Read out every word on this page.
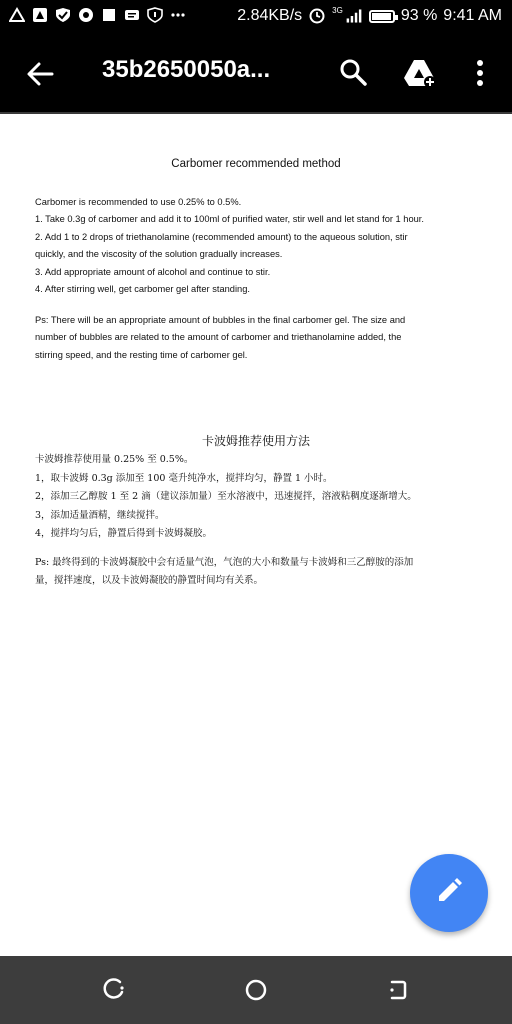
2.84KB/s	3G	93 % 9:41 AM
35b2650050a...
Carbomer recommended method

Carbomer is recommended to use 0.25% to 0.5%.

1. Take 0.3g of carbomer and add it to 100ml of purified water, stir well and let stand for 1 hour.

2. Add 1 to 2 drops of triethanolamine (recommended amount) to the aqueous solution, stir

quickly, and the viscosity of the solution gradually increases.

3. Add appropriate amount of alcohol and continue to stir.

4. After stirring well, get carbomer gel after standing.

Ps: There will be an appropriate amount of bubbles in the final carbomer gel. The size and
number of bubbles are related to the amount of carbomer and triethanolamine added, the
stirring speed, and the resting time of carbomer gel.
卡波姆推荐使用方法

卡波姆推荐使用量 0.25% 至 0.5%。

1，取卡波姆 0.3g 添加至 100 毫升纯净水，搅拌均匀，静置 1 小时。

2，添加三乙醇胺 1 至 2 滴（建议添加量）至水溶液中，迅速搅拌，溶液粘稠度逐渐增大。

3，添加适量酒精，继续搅拌。

4，搅拌均匀后，静置后得到卡波姆凝胶。

Ps: 最终得到的卡波姆凝胶中会有适量气泡，气泡的大小和数量与卡波姆和三乙醇胺的添加
量，搅拌速度，以及卡波姆凝胶的静置时间均有关系。
